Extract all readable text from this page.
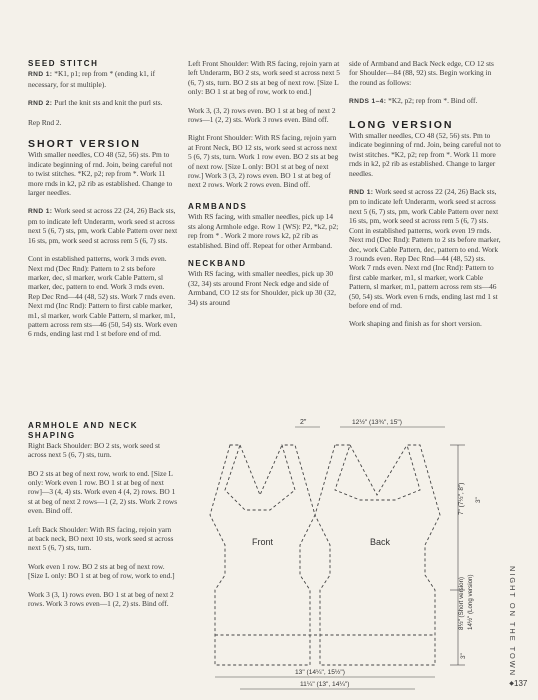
SEED STITCH

RND 1: *K1, p1; rep from * (ending k1, if necessary, for st multiple).

RND 2: Purl the knit sts and knit the purl sts.

Rep Rnd 2.

SHORT VERSION

With smaller needles, CO 48 (52, 56) sts. Pm to indicate beginning of rnd. Join, being careful not to twist stitches. *K2, p2; rep from *. Work 11 more rnds in k2, p2 rib as established. Change to larger needles.

RND 1: Work seed st across 22 (24, 26) Back sts, pm to indicate left Underarm, work seed st across next 5 (6, 7) sts, pm, work Cable Pattern over next 16 sts, pm, work seed st across rem 5 (6, 7) sts.

Cont in established patterns, work 3 rnds even. Next rnd (Dec Rnd): Pattern to 2 sts before marker, dec, sl marker, work Cable Pattern, sl marker, dec, pattern to end. Work 3 rnds even. Rep Dec Rnd—44 (48, 52) sts. Work 7 rnds even. Next rnd (Inc Rnd): Pattern to first cable marker, m1, sl marker, work Cable Pattern, sl marker, m1, pattern across rem sts—46 (50, 54) sts. Work even 6 rnds, ending last rnd 1 st before end of rnd.

ARMHOLE AND NECK
SHAPING

Right Back Shoulder: BO 2 sts, work seed st across next 5 (6, 7) sts, turn.

BO 2 sts at beg of next row, work to end. [Size L only: Work even 1 row. BO 1 st at beg of next row]—3 (4, 4) sts. Work even 4 (4, 2) rows. BO 1 st at beg of next 2 rows—1 (2, 2) sts. Work 2 rows even. Bind off.

Left Back Shoulder: With RS facing, rejoin yarn at back neck, BO next 10 sts, work seed st across next 5 (6, 7) sts, turn.

Work even 1 row. BO 2 sts at beg of next row. [Size L only: BO 1 st at beg of row, work to end.]

Work 3 (3, 1) rows even. BO 1 st at beg of next 2 rows. Work 3 rows even—1 (2, 2) sts. Bind off.

Left Front Shoulder: With RS facing, rejoin yarn at left Underarm, BO 2 sts, work seed st across next 5 (6, 7) sts, turn. BO 2 sts at beg of next row. [Size L only: BO 1 st at beg of row, work to end.]

Work 3, (3, 2) rows even. BO 1 st at beg of next 2 rows—1 (2, 2) sts. Work 3 rows even. Bind off.

Right Front Shoulder: With RS facing, rejoin yarn at Front Neck, BO 12 sts, work seed st across next 5 (6, 7) sts, turn. Work 1 row even. BO 2 sts at beg of next row. [Size L only: BO1 st at beg of next row.] Work 3 (3, 2) rows even. BO 1 st at beg of next 2 rows. Work 2 rows even. Bind off.

ARMBANDS

With RS facing, with smaller needles, pick up 14 sts along Armhole edge. Row 1 (WS): P2, *k2, p2; rep from * . Work 2 more rows k2, p2 rib as established. Bind off. Repeat for other Armband.

NECKBAND

With RS facing, with smaller needles, pick up 30 (32, 34) sts around Front Neck edge and side of Armband, CO 12 sts for Shoulder, pick up 30 (32, 34) sts around

side of Armband and Back Neck edge, CO 12 sts for Shoulder—84 (88, 92) sts. Begin working in the round as follows:

RNDS 1–4: *K2, p2; rep from *. Bind off.

LONG VERSION

With smaller needles, CO 48 (52, 56) sts. Pm to indicate beginning of rnd. Join, being careful not to twist stitches. *K2, p2; rep from *. Work 11 more rnds in k2, p2 rib as established. Change to larger needles.

RND 1: Work seed st across 22 (24, 26) Back sts, pm to indicate left Underarm, work seed st across next 5 (6, 7) sts, pm, work Cable Pattern over next 16 sts, pm, work seed st across rem 5 (6, 7) sts. Cont in established patterns, work even 19 rnds. Next rnd (Dec Rnd): Pattern to 2 sts before marker, dec, work Cable Pattern, dec, pattern to end. Work 3 rounds even. Rep Dec Rnd—44 (48, 52) sts. Work 7 rnds even. Next rnd (Inc Rnd): Pattern to first cable marker, m1, sl marker, work Cable Pattern, sl marker, m1, pattern across rem sts—46 (50, 54) sts. Work even 6 rnds, ending last rnd 1 st before end of rnd.

Work shaping and finish as for short version.

2"	12½" (13¾", 15")
Front	Back
7" (7½", 8") 3"
8½" (Short version) 14½" (Long version)
3"
13" (14¼", 15½")
11¼" (13", 14¼")
NIGHT ON THE TOWN ◆ 137
